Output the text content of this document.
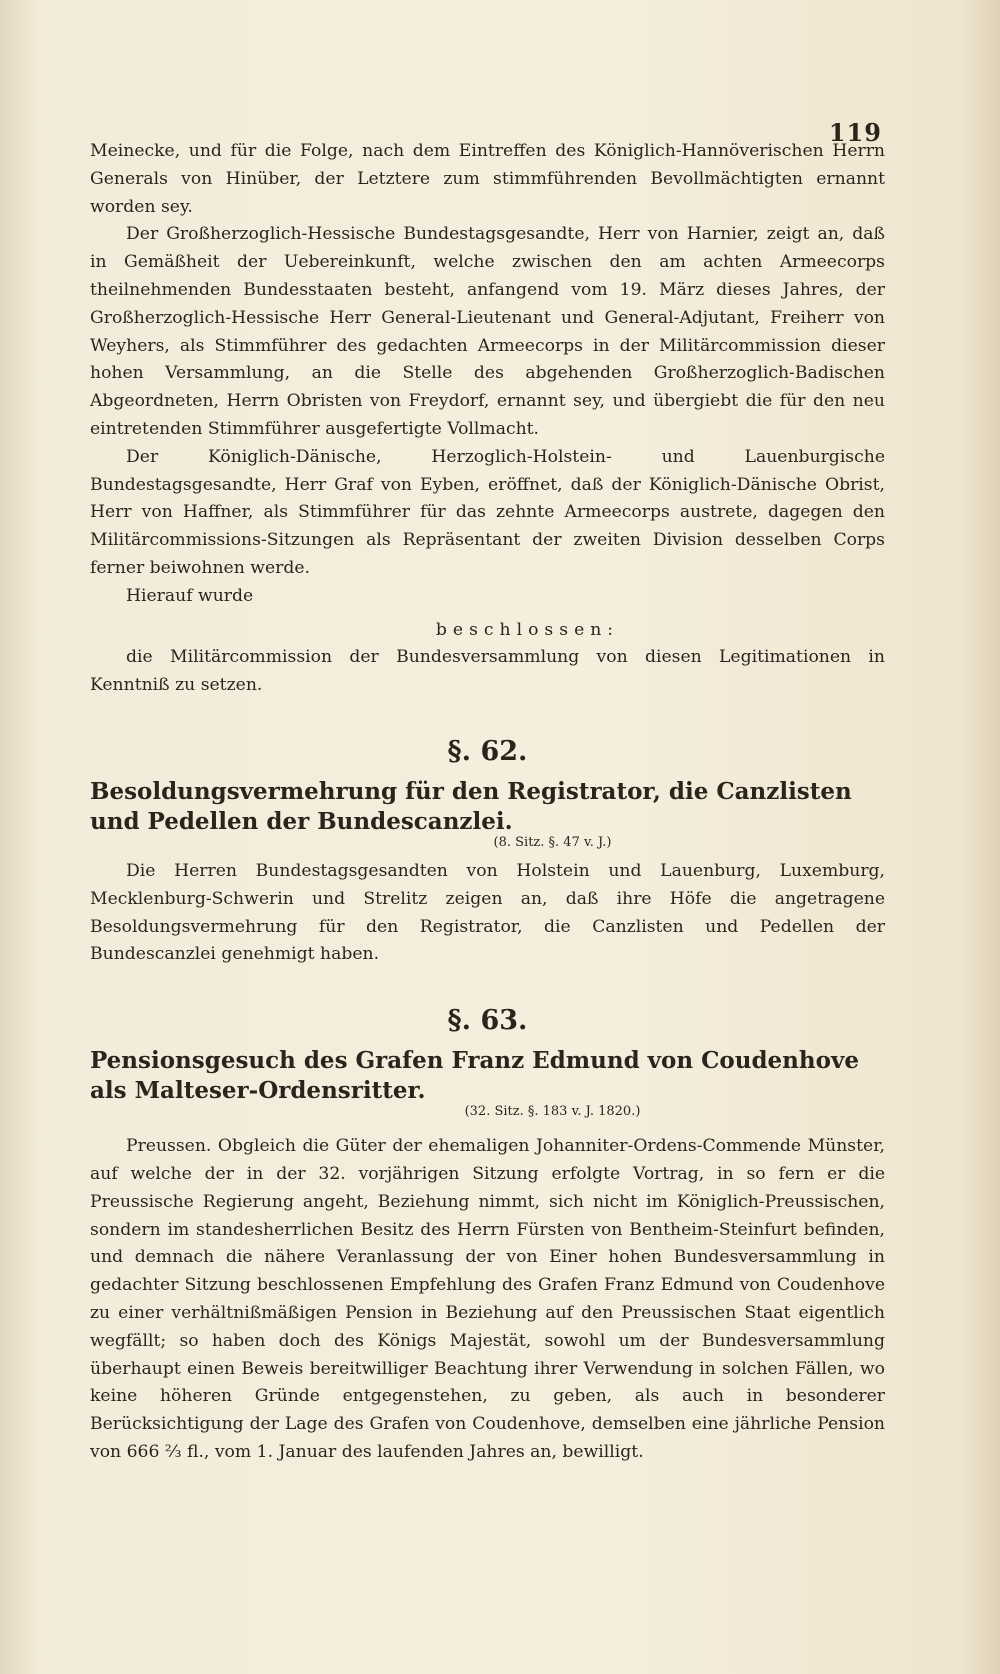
119

Meinecke, und für die Folge, nach dem Eintreffen des Königlich-Hannöverischen Herrn Generals von Hinüber, der Letztere zum stimmführenden Bevollmächtigten ernannt worden sey.

Der Großherzoglich-Hessische Bundestagsgesandte, Herr von Harnier, zeigt an, daß in Gemäßheit der Uebereinkunft, welche zwischen den am achten Armeecorps theilnehmenden Bundesstaaten besteht, anfangend vom 19. März dieses Jahres, der Großherzoglich-Hessische Herr General-Lieutenant und General-Adjutant, Freiherr von Weyhers, als Stimmführer des gedachten Armeecorps in der Militärcommission dieser hohen Versammlung, an die Stelle des abgehenden Großherzoglich-Badischen Abgeordneten, Herrn Obristen von Freydorf, ernannt sey, und übergiebt die für den neu eintretenden Stimmführer ausgefertigte Vollmacht.

Der Königlich-Dänische, Herzoglich-Holstein- und Lauenburgische Bundestagsgesandte, Herr Graf von Eyben, eröffnet, daß der Königlich-Dänische Obrist, Herr von Haffner, als Stimmführer für das zehnte Armeecorps austrete, dagegen den Militärcommissions-Sitzungen als Repräsentant der zweiten Division desselben Corps ferner beiwohnen werde.

Hierauf wurde

beschlossen:

die Militärcommission der Bundesversammlung von diesen Legitimationen in Kenntniß zu setzen.

§. 62.
Besoldungsvermehrung für den Registrator, die Canzlisten und Pedellen der Bundescanzlei.
(8. Sitz. §. 47 v. J.)

Die Herren Bundestagsgesandten von Holstein und Lauenburg, Luxemburg, Mecklenburg-Schwerin und Strelitz zeigen an, daß ihre Höfe die angetragene Besoldungsvermehrung für den Registrator, die Canzlisten und Pedellen der Bundescanzlei genehmigt haben.

§. 63.
Pensionsgesuch des Grafen Franz Edmund von Coudenhove als Malteser-Ordensritter.
(32. Sitz. §. 183 v. J. 1820.)

Preussen. Obgleich die Güter der ehemaligen Johanniter-Ordens-Commende Münster, auf welche der in der 32. vorjährigen Sitzung erfolgte Vortrag, in so fern er die Preussische Regierung angeht, Beziehung nimmt, sich nicht im Königlich-Preussischen, sondern im standesherrlichen Besitz des Herrn Fürsten von Bentheim-Steinfurt befinden, und demnach die nähere Veranlassung der von Einer hohen Bundesversammlung in gedachter Sitzung beschlossenen Empfehlung des Grafen Franz Edmund von Coudenhove zu einer verhältnißmäßigen Pension in Beziehung auf den Preussischen Staat eigentlich wegfällt; so haben doch des Königs Majestät, sowohl um der Bundesversammlung überhaupt einen Beweis bereitwilliger Beachtung ihrer Verwendung in solchen Fällen, wo keine höheren Gründe entgegenstehen, zu geben, als auch in besonderer Berücksichtigung der Lage des Grafen von Coudenhove, demselben eine jährliche Pension von 666 ⅔ fl., vom 1. Januar des laufenden Jahres an, bewilligt.
